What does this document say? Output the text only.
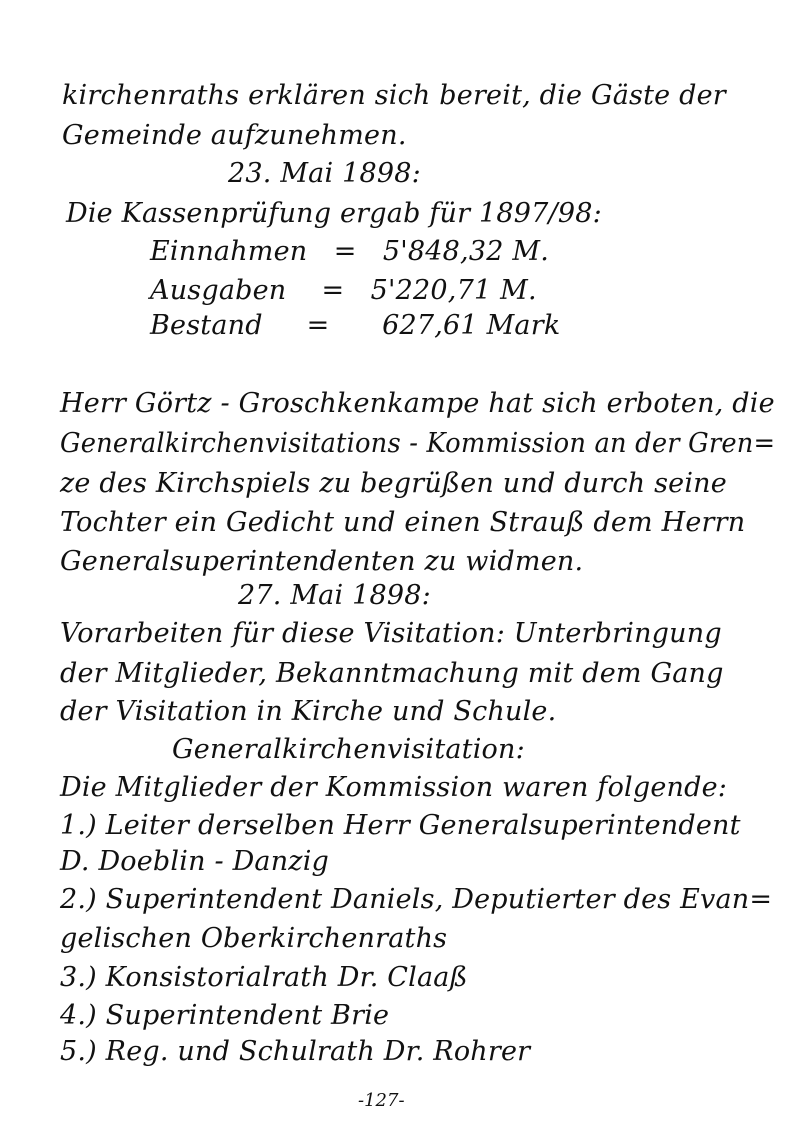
kirchenraths erklären sich bereit, die Gäste der
Gemeinde aufzunehmen.
23. Mai 1898:
Die Kassenprüfung ergab für 1897/98:
Einnahmen   =   5'848,32 M.
Ausgaben    =   5'220,71 M.
Bestand     =      627,61 Mark
Herr Görtz - Groschkenkampe hat sich erboten, die
Generalkirchenvisitations - Kommission an der Gren=
ze des Kirchspiels zu begrüßen und durch seine
Tochter ein Gedicht und einen Strauß dem Herrn
Generalsuperintendenten zu widmen.
27. Mai 1898:
Vorarbeiten für diese Visitation: Unterbringung
der Mitglieder, Bekanntmachung mit dem Gang
der Visitation in Kirche und Schule.
Generalkirchenvisitation:
Die Mitglieder der Kommission waren folgende:
1.) Leiter derselben Herr Generalsuperintendent
D. Doeblin - Danzig
2.) Superintendent Daniels, Deputierter des Evan=
gelischen Oberkirchenraths
3.) Konsistorialrath Dr. Claaß
4.) Superintendent Brie
5.) Reg. und Schulrath Dr. Rohrer
-127-
